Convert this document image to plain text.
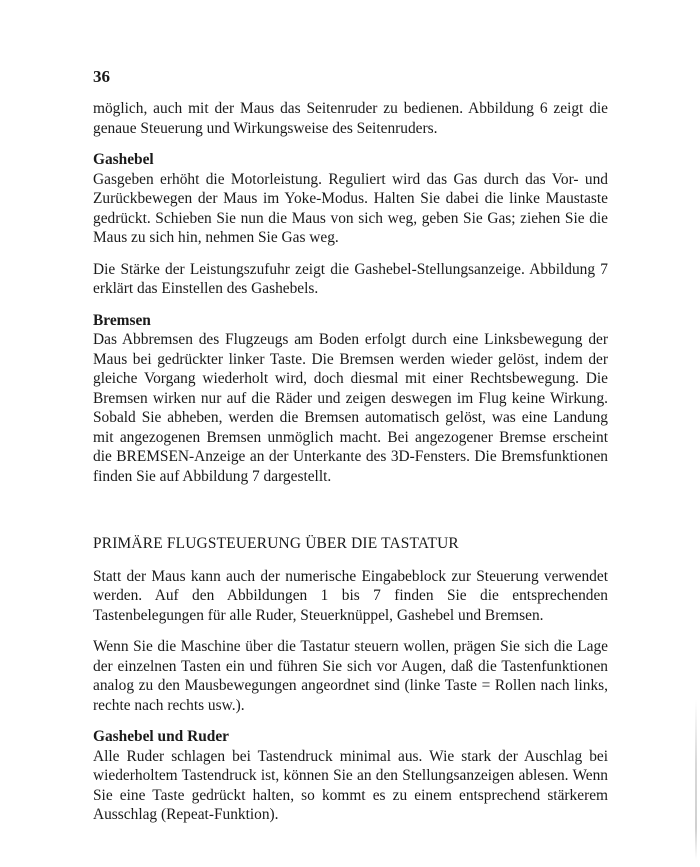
36

möglich, auch mit der Maus das Seitenruder zu bedienen. Abbildung 6 zeigt die genaue Steuerung und Wirkungsweise des Seitenruders.

Gashebel

Gasgeben erhöht die Motorleistung. Reguliert wird das Gas durch das Vor- und Zurückbewegen der Maus im Yoke-Modus. Halten Sie dabei die linke Maustaste gedrückt. Schieben Sie nun die Maus von sich weg, geben Sie Gas; ziehen Sie die Maus zu sich hin, nehmen Sie Gas weg.

Die Stärke der Leistungszufuhr zeigt die Gashebel-Stellungsanzeige. Abbildung 7 erklärt das Einstellen des Gashebels.

Bremsen

Das Abbremsen des Flugzeugs am Boden erfolgt durch eine Linksbewegung der Maus bei gedrückter linker Taste. Die Bremsen werden wieder gelöst, indem der gleiche Vorgang wiederholt wird, doch diesmal mit einer Rechtsbewegung. Die Bremsen wirken nur auf die Räder und zeigen deswegen im Flug keine Wirkung. Sobald Sie abheben, werden die Bremsen automatisch gelöst, was eine Landung mit angezogenen Bremsen unmöglich macht. Bei angezogener Bremse erscheint die BREMSEN-Anzeige an der Unterkante des 3D-Fensters. Die Bremsfunktionen finden Sie auf Abbildung 7 dargestellt.

PRIMÄRE FLUGSTEUERUNG ÜBER DIE TASTATUR

Statt der Maus kann auch der numerische Eingabeblock zur Steuerung verwendet werden. Auf den Abbildungen 1 bis 7 finden Sie die entsprechenden Tastenbelegungen für alle Ruder, Steuerknüppel, Gashebel und Bremsen.

Wenn Sie die Maschine über die Tastatur steuern wollen, prägen Sie sich die Lage der einzelnen Tasten ein und führen Sie sich vor Augen, daß die Tastenfunktionen analog zu den Mausbewegungen angeordnet sind (linke Taste = Rollen nach links, rechte nach rechts usw.).

Gashebel und Ruder

Alle Ruder schlagen bei Tastendruck minimal aus. Wie stark der Auschlag bei wiederholtem Tastendruck ist, können Sie an den Stellungsanzeigen ablesen. Wenn Sie eine Taste gedrückt halten, so kommt es zu einem entsprechend stärkerem Ausschlag (Repeat-Funktion).
